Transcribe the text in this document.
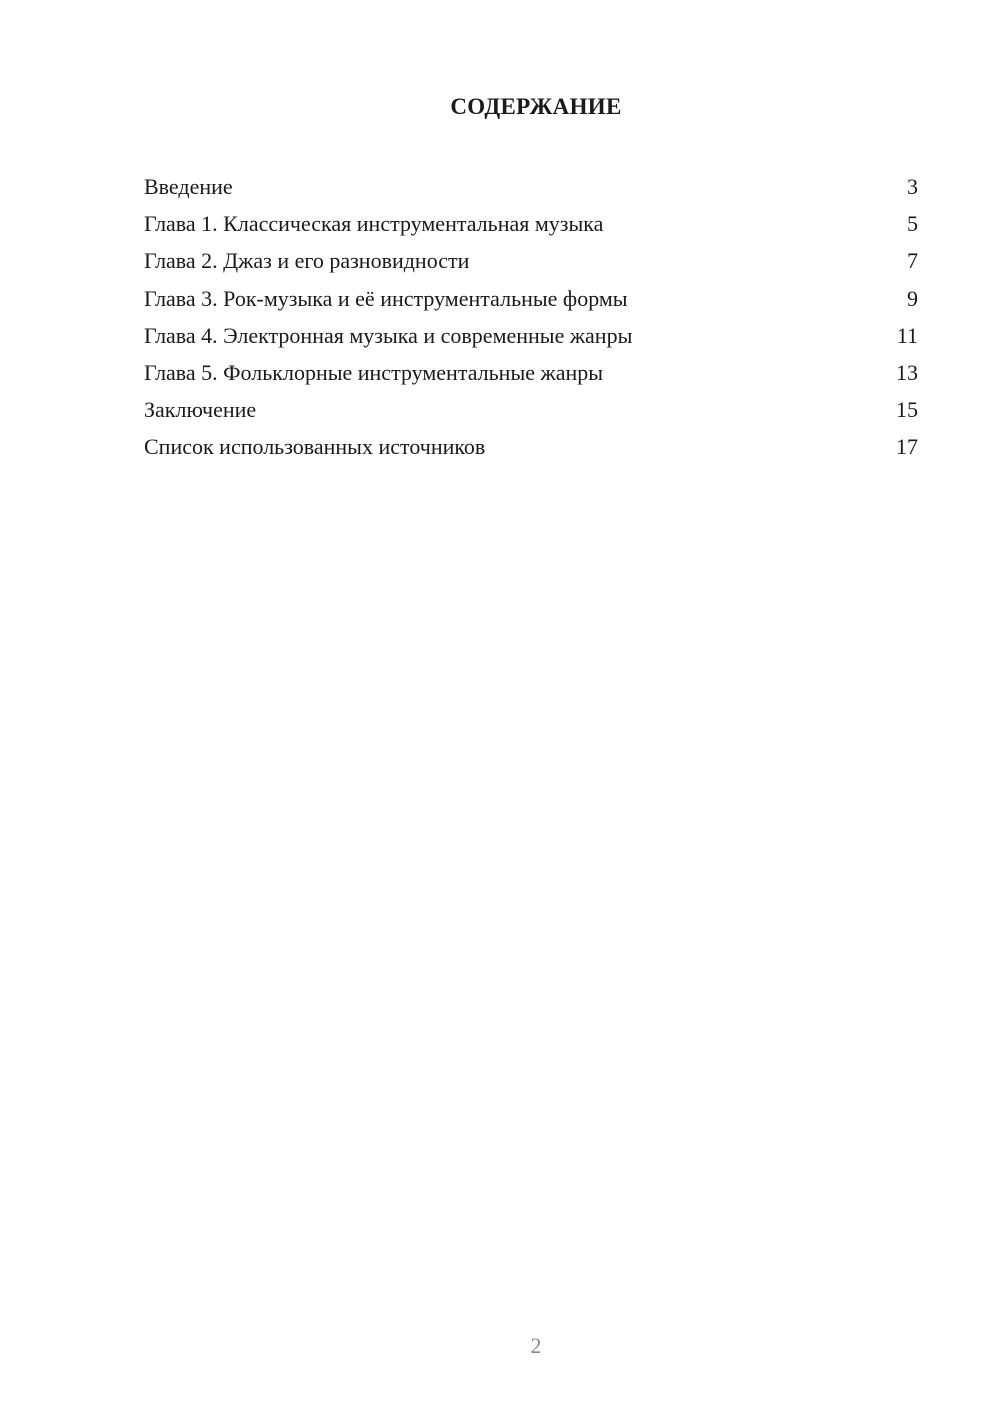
СОДЕРЖАНИЕ
Введение	3
Глава 1. Классическая инструментальная музыка	5
Глава 2. Джаз и его разновидности	7
Глава 3. Рок-музыка и её инструментальные формы	9
Глава 4. Электронная музыка и современные жанры	11
Глава 5. Фольклорные инструментальные жанры	13
Заключение	15
Список использованных источников	17
2
